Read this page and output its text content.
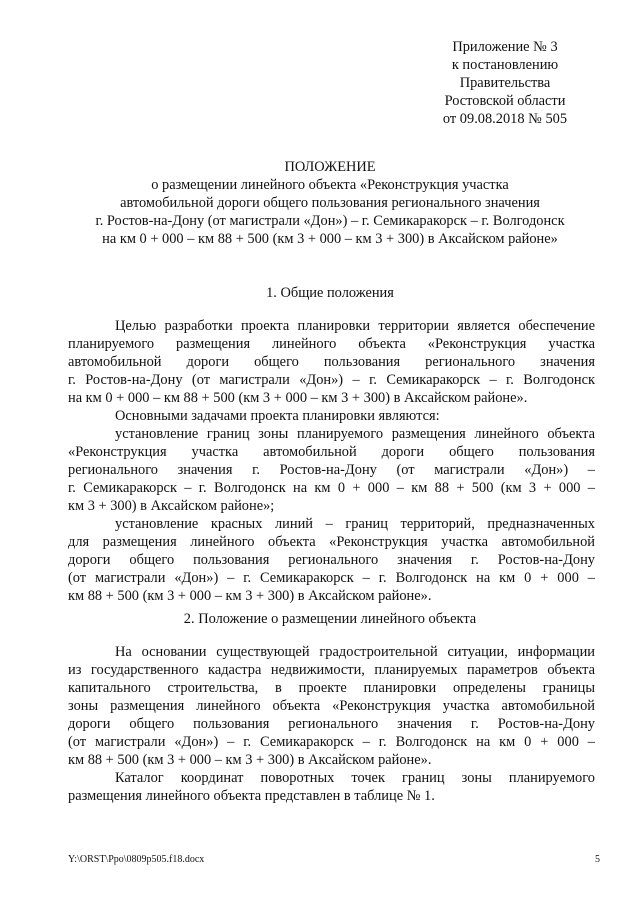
Приложение № 3
к постановлению
Правительства
Ростовской области
от 09.08.2018 № 505
ПОЛОЖЕНИЕ
о размещении линейного объекта «Реконструкция участка
автомобильной дороги общего пользования регионального значения
г. Ростов-на-Дону (от магистрали «Дон») – г. Семикаракорск – г. Волгодонск
на км 0 + 000 – км 88 + 500 (км 3 + 000 – км 3 + 300) в Аксайском районе»
1. Общие положения
Целью разработки проекта планировки территории является обеспечение
планируемого размещения линейного объекта «Реконструкция участка
автомобильной дороги общего пользования регионального значения
г. Ростов-на-Дону (от магистрали «Дон») – г. Семикаракорск – г. Волгодонск
на км 0 + 000 – км 88 + 500 (км 3 + 000 – км 3 + 300) в Аксайском районе».
Основными задачами проекта планировки являются:
установление границ зоны планируемого размещения линейного объекта
«Реконструкция участка автомобильной дороги общего пользования
регионального значения г. Ростов-на-Дону (от магистрали «Дон») –
г. Семикаракорск – г. Волгодонск на км 0 + 000 – км 88 + 500 (км 3 + 000 –
км 3 + 300) в Аксайском районе»;
установление красных линий – границ территорий, предназначенных
для размещения линейного объекта «Реконструкция участка автомобильной
дороги общего пользования регионального значения г. Ростов-на-Дону
(от магистрали «Дон») – г. Семикаракорск – г. Волгодонск на км 0 + 000 –
км 88 + 500 (км 3 + 000 – км 3 + 300) в Аксайском районе».
2. Положение о размещении линейного объекта
На основании существующей градостроительной ситуации, информации
из государственного кадастра недвижимости, планируемых параметров объекта
капитального строительства, в проекте планировки определены границы
зоны размещения линейного объекта «Реконструкция участка автомобильной
дороги общего пользования регионального значения г. Ростов-на-Дону
(от магистрали «Дон») – г. Семикаракорск – г. Волгодонск на км 0 + 000 –
км 88 + 500 (км 3 + 000 – км 3 + 300) в Аксайском районе».
Каталог координат поворотных точек границ зоны планируемого
размещения линейного объекта представлен в таблице № 1.
Y:\ORST\Ppo\0809p505.f18.docx	5
